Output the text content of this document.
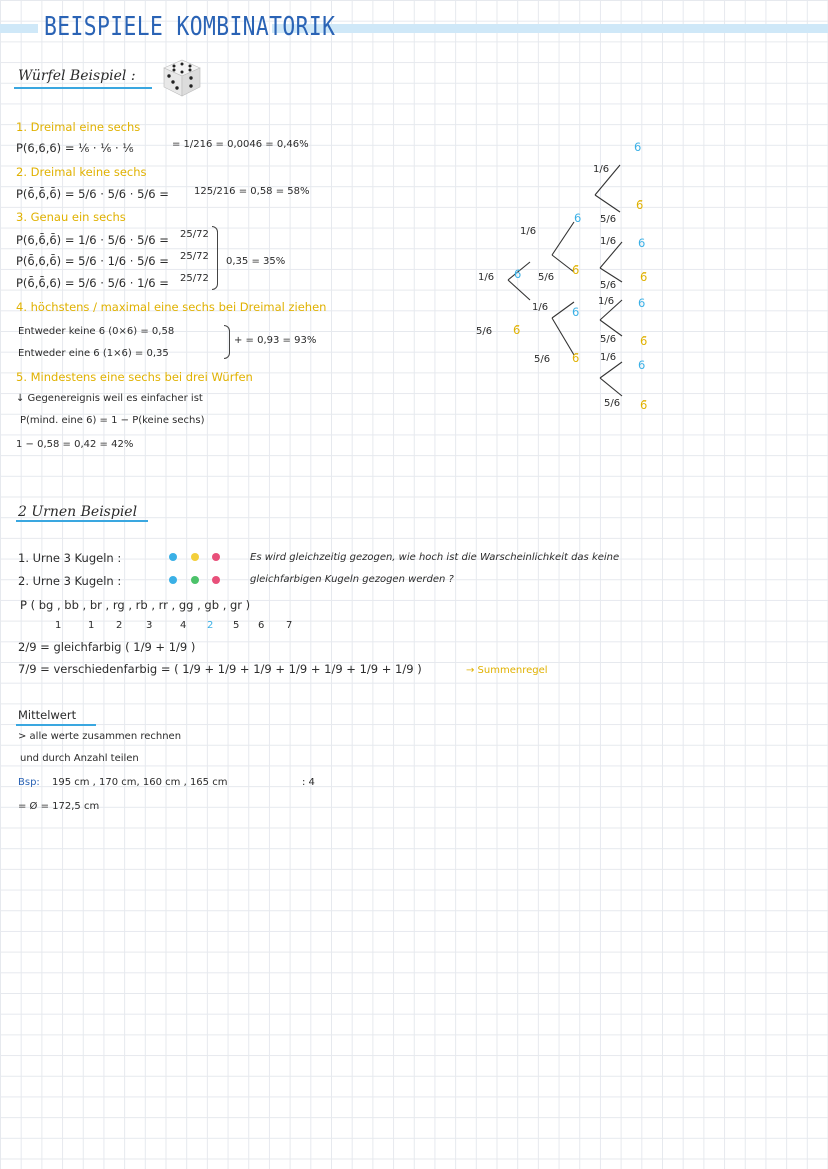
BEISPIELE KOMBINATORIK
Würfel Beispiel :
1. Dreimal eine sechs
P(6,6,6) = ⅙ · ⅙ · ⅙	= 1/216 = 0,0046 = 0,46%
2. Dreimal keine sechs
P(6̄,6̄,6̄) = 5/6 · 5/6 · 5/6 =	125/216 = 0,58 = 58%
3. Genau ein sechs
P(6,6̄,6̄) = 1/6 · 5/6 · 5/6 = 25/72
P(6̄,6,6̄) = 5/6 · 1/6 · 5/6 = 25/72
P(6̄,6̄,6) = 5/6 · 5/6 · 1/6 = 25/72
0,35 = 35%
4. höchstens / maximal eine sechs bei Dreimal ziehen
Entweder keine 6 (0×6) = 0,58
Entweder eine 6 (1×6) = 0,35
+ = 0,93 = 93%
5. Mindestens eine sechs bei drei Würfen
↓ Gegenereignis weil es einfacher ist
P(mind. eine 6) = 1 − P(keine sechs)
1 − 0,58 = 0,42 = 42%
1/6
5/6
6
6̄
1/6
5/6
1/6
5/6
6
6̄
6
6̄
1/6
5/6
1/6
5/6
1/6
5/6
1/6
5/6
6
6̄
6
6̄
6
6̄
6
6̄
2 Urnen Beispiel
1. Urne 3 Kugeln :
2. Urne 3 Kugeln :
Es wird gleichzeitig gezogen, wie hoch ist die Warscheinlichkeit das keine
gleichfarbigen Kugeln gezogen werden ?
P ( bg , bb , br , rg , rb , rr , gg , gb , gr )
1	1 2 3	4 2 5 6 7
2/9 = gleichfarbig ( 1/9 + 1/9 )
7/9 = verschiedenfarbig = ( 1/9 + 1/9 + 1/9 + 1/9 + 1/9 + 1/9 + 1/9 )	→ Summenregel
Mittelwert
> alle werte zusammen rechnen
und durch Anzahl teilen
Bsp: 195 cm , 170 cm, 160 cm , 165 cm	: 4
= Ø = 172,5 cm
